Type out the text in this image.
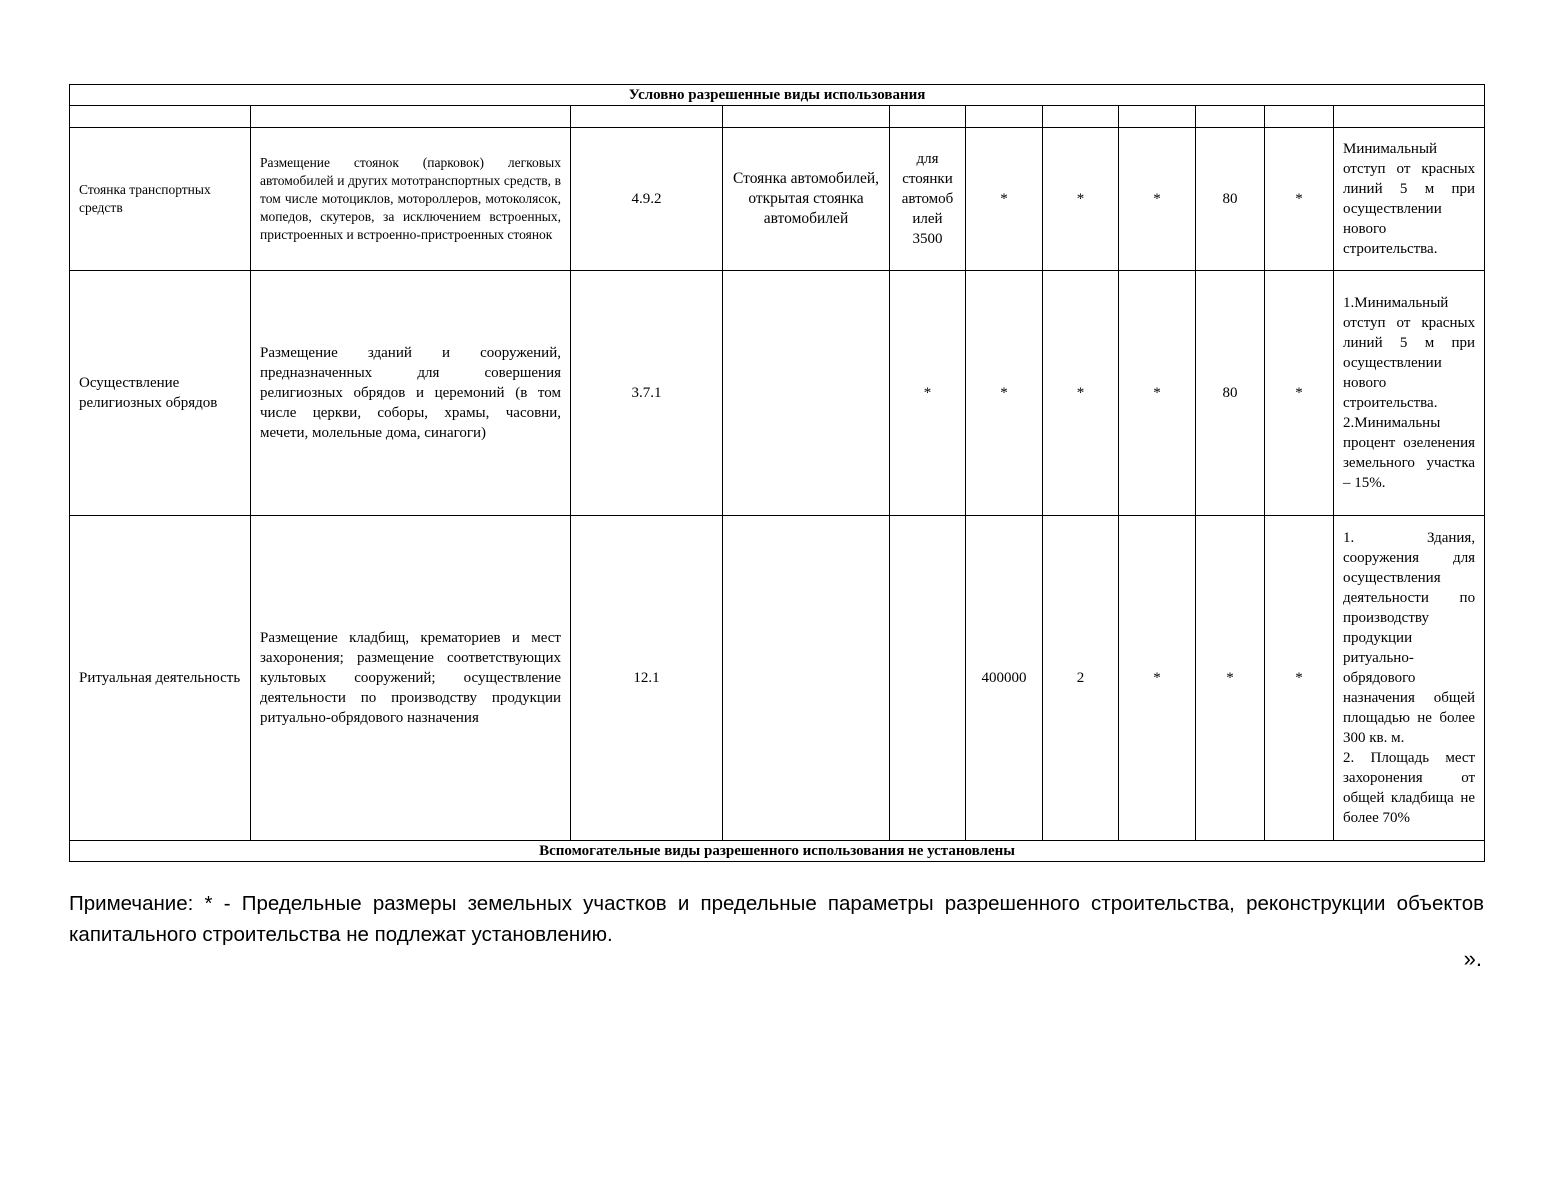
Условно разрешенные виды использования										

Стоянка транспортных средств	Размещение стоянок (парковок) легковых автомобилей и других мототранспортных средств, в том числе мотоциклов, мотороллеров, мотоколясок, мопедов, скутеров, за исключением встроенных, пристроенных и встроенно-пристроенных стоянок	4.9.2	Стоянка автомобилей, открытая стоянка автомобилей	для стоянки автомоб илей 3500	*	*	*	80	*	Минимальный отступ от красных линий 5 м при осуществлении нового строительства.

Осуществление религиозных обрядов	Размещение зданий и сооружений, предназначенных для совершения религиозных обрядов и церемоний (в том числе церкви, соборы, храмы, часовни, мечети, молельные дома, синагоги)	3.7.1		*	*	*	*	80	*	1.Минимальный отступ от красных линий 5 м при осуществлении нового строительства.
2.Минимальны процент озеленения земельного участка – 15%.

Ритуальная деятельность	Размещение кладбищ, крематориев и мест захоронения; размещение соответствующих культовых сооружений; осуществление деятельности по производству продукции ритуально-обрядового назначения	12.1			400000	2	*	*	*	1. Здания, сооружения для осуществления деятельности по производству продукции ритуально-обрядового назначения общей площадью не более 300 кв. м.
2. Площадь мест захоронения от общей кладбища не более 70%

Вспомогательные виды разрешенного использования не установлены										
Примечание: * - Предельные размеры земельных участков и предельные параметры разрешенного строительства, реконструкции объектов капитального строительства не подлежат установлению.
».
